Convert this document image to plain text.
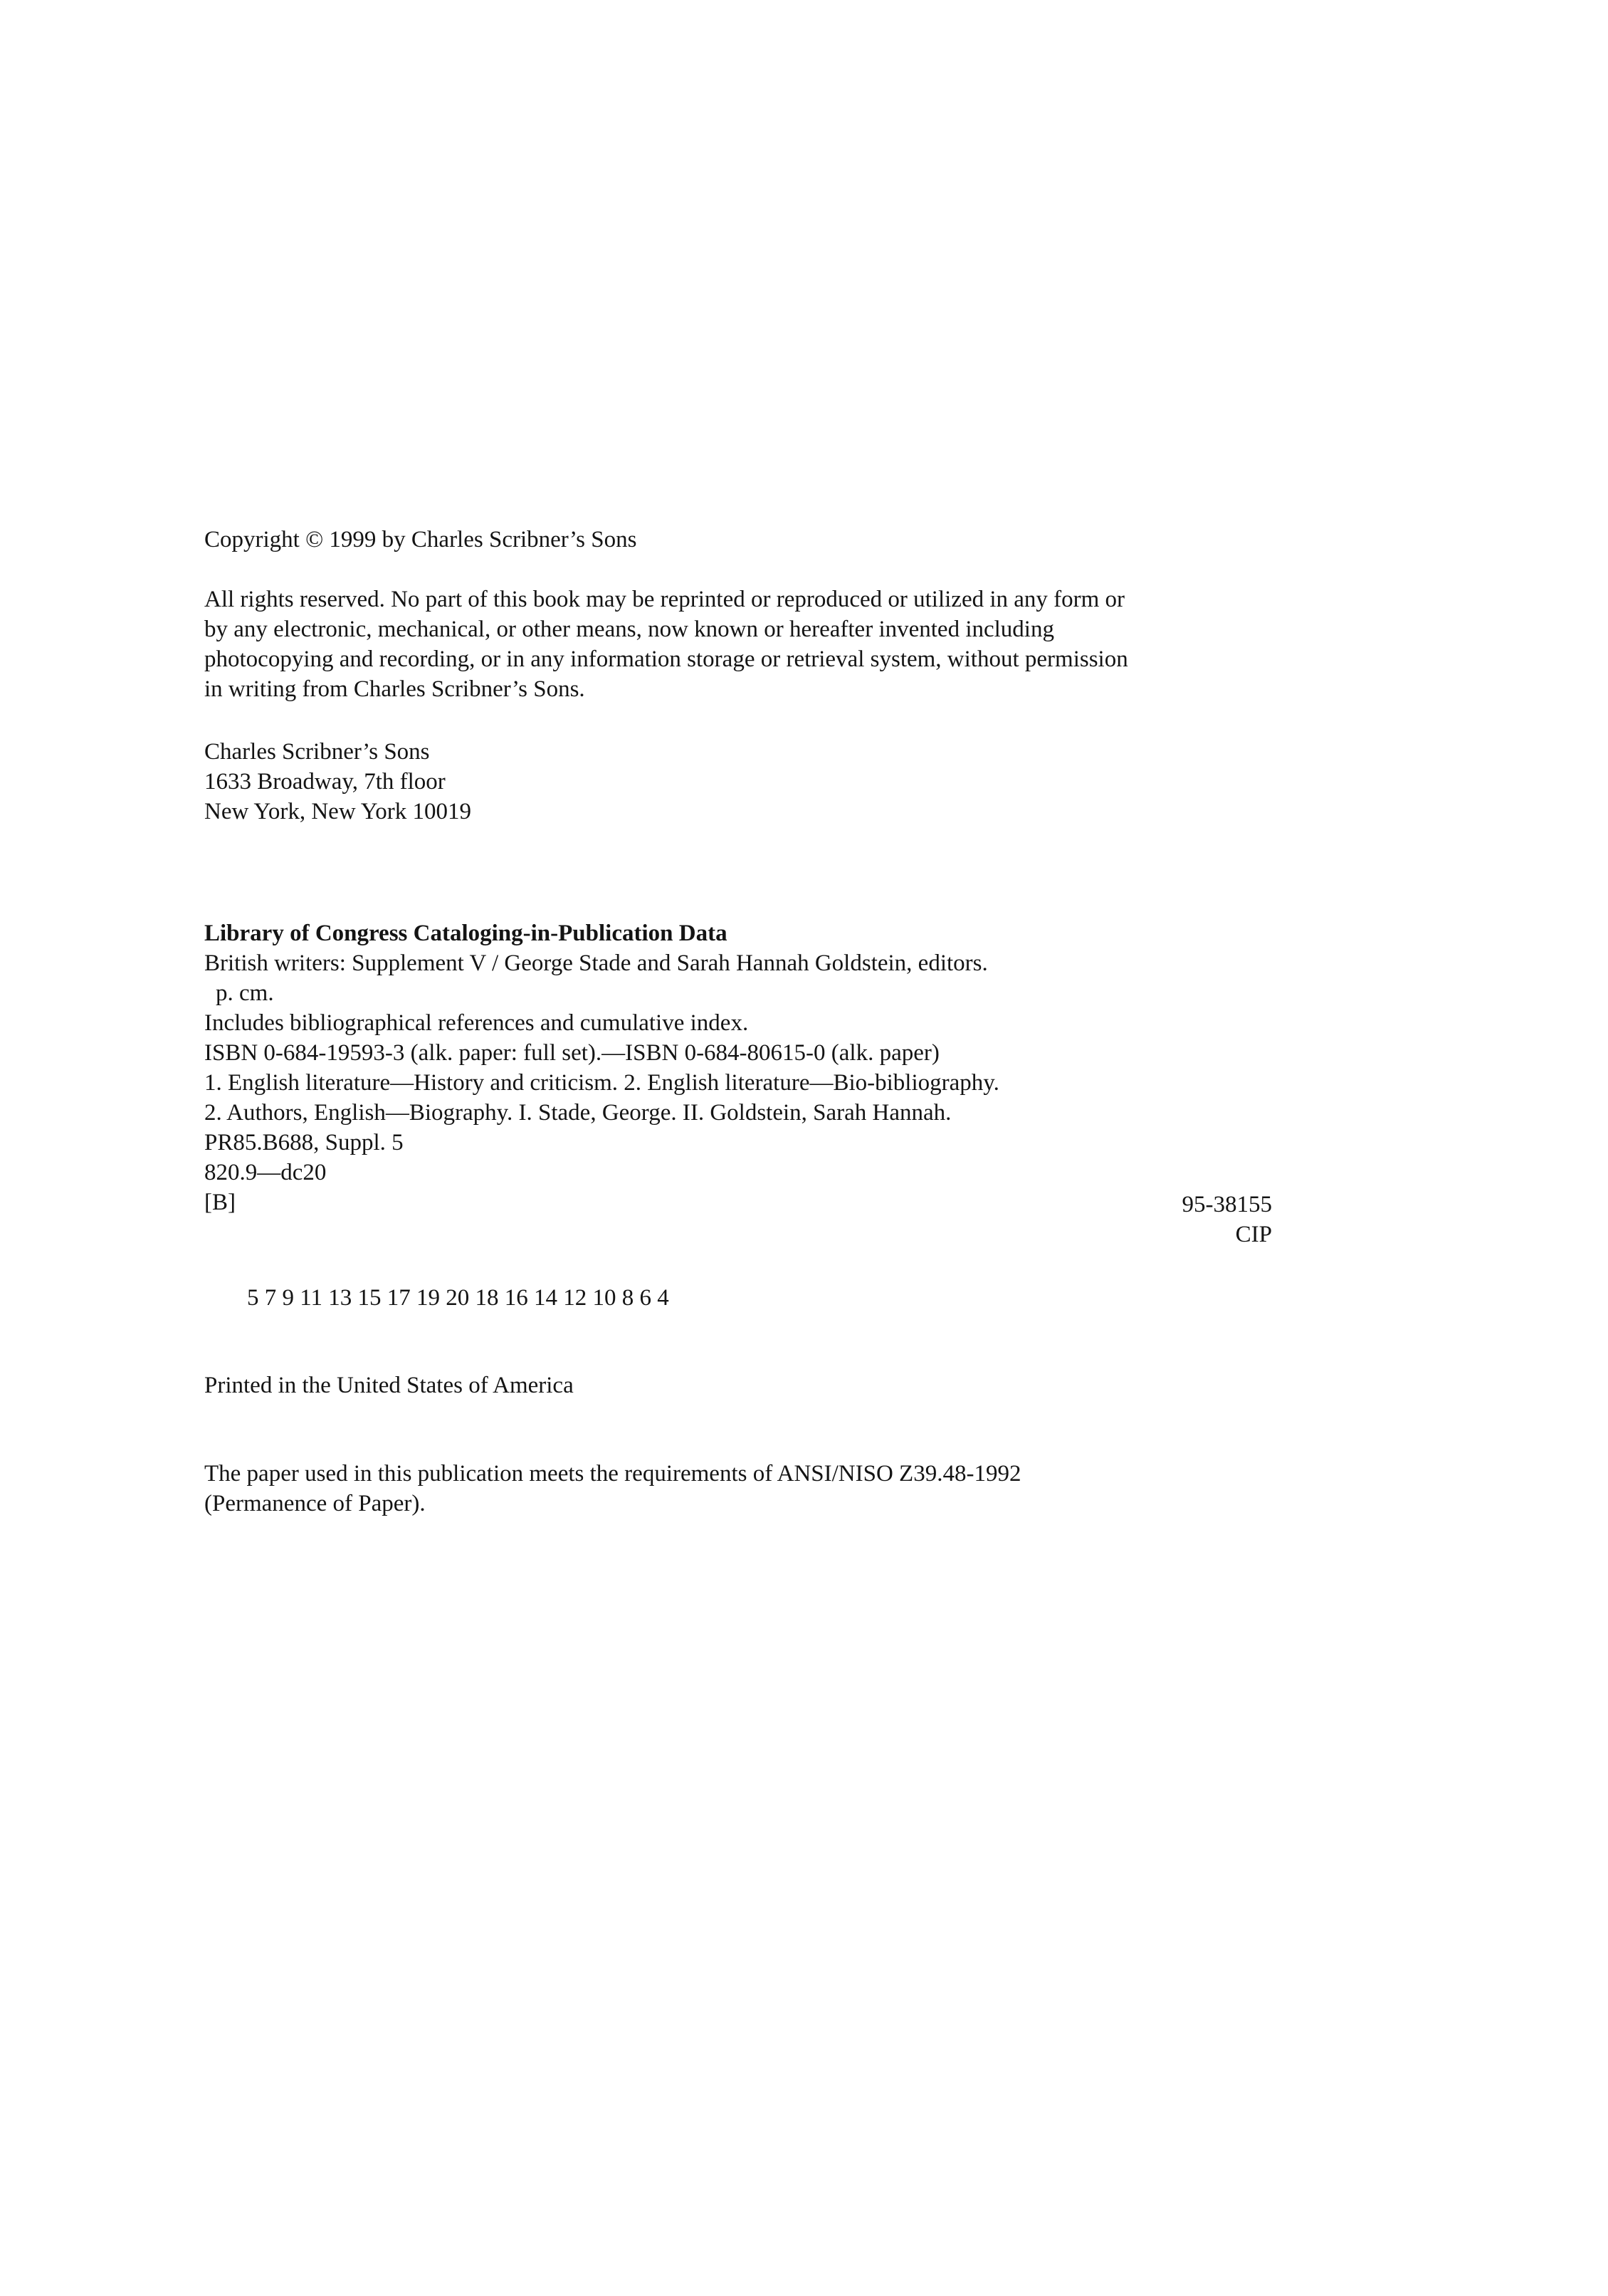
Copyright © 1999 by Charles Scribner’s Sons
All rights reserved. No part of this book may be reprinted or reproduced or utilized in any form or
by any electronic, mechanical, or other means, now known or hereafter invented including
photocopying and recording, or in any information storage or retrieval system, without permission
in writing from Charles Scribner’s Sons.
Charles Scribner’s Sons
1633 Broadway, 7th floor
New York, New York 10019
Library of Congress Cataloging-in-Publication Data
British writers: Supplement V / George Stade and Sarah Hannah Goldstein, editors.
p. cm.
Includes bibliographical references and cumulative index.
ISBN 0-684-19593-3 (alk. paper: full set).—ISBN 0-684-80615-0 (alk. paper)
1. English literature—History and criticism. 2. English literature—Bio-bibliography.
2. Authors, English—Biography. I. Stade, George. II. Goldstein, Sarah Hannah.
PR85.B688, Suppl. 5
820.9—dc20
[B]	95-38155
CIP
5 7 9 11 13 15 17 19 20 18 16 14 12 10 8 6 4
Printed in the United States of America
The paper used in this publication meets the requirements of ANSI/NISO Z39.48-1992
(Permanence of Paper).
